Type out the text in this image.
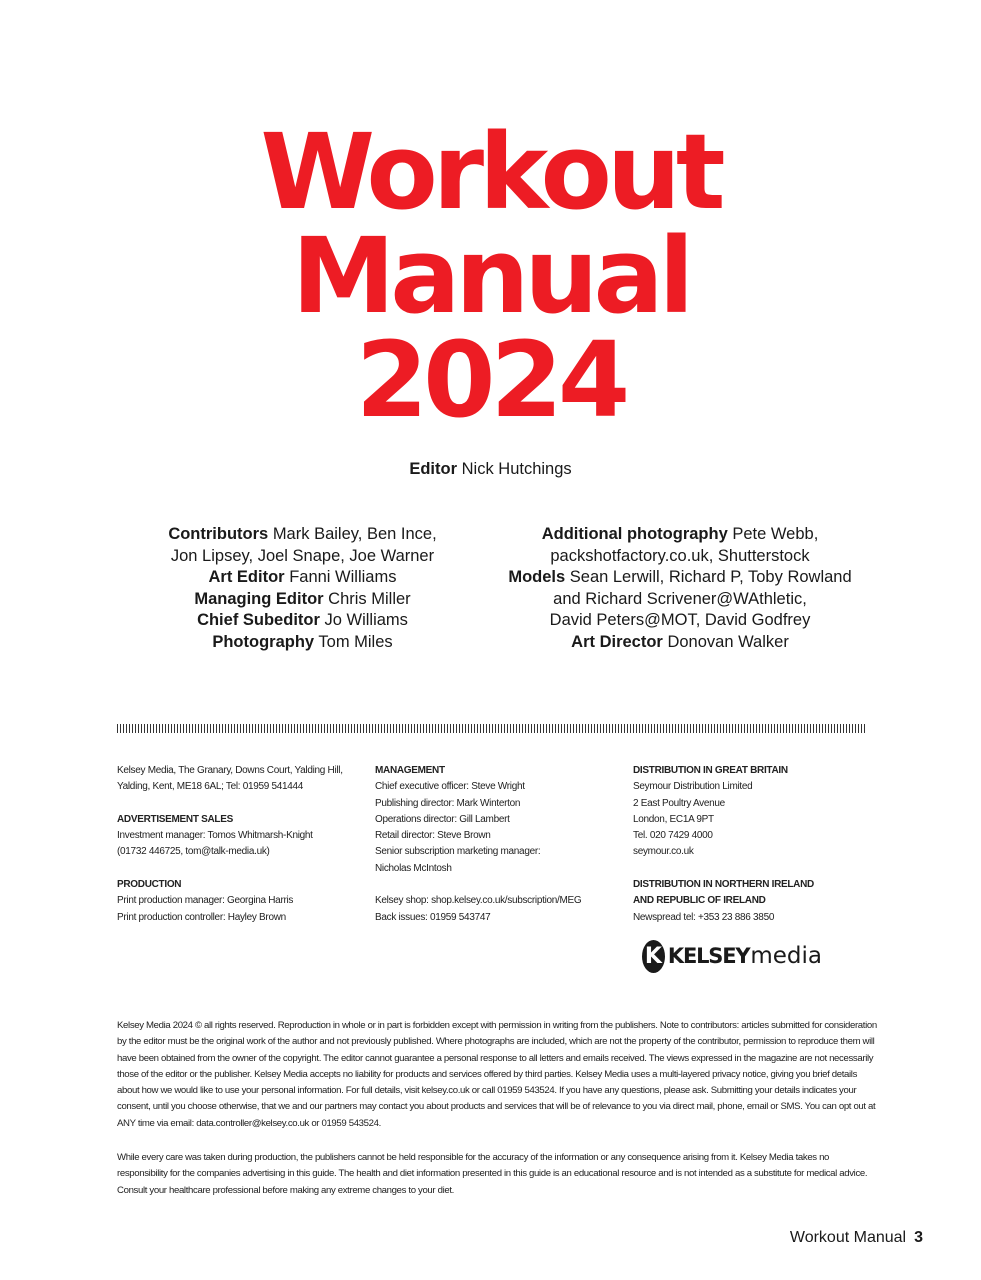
Workout
Manual
2024
Editor Nick Hutchings
Contributors Mark Bailey, Ben Ince,
Jon Lipsey, Joel Snape, Joe Warner
Art Editor Fanni Williams
Managing Editor Chris Miller
Chief Subeditor Jo Williams
Photography Tom Miles
Additional photography Pete Webb,
packshotfactory.co.uk, Shutterstock
Models Sean Lerwill, Richard P, Toby Rowland
and Richard Scrivener@WAthletic,
David Peters@MOT, David Godfrey
Art Director Donovan Walker
Kelsey Media, The Granary, Downs Court, Yalding Hill,
Yalding, Kent, ME18 6AL; Tel: 01959 541444
ADVERTISEMENT SALES
Investment manager: Tomos Whitmarsh-Knight
(01732 446725, tom@talk-media.uk)
PRODUCTION
Print production manager: Georgina Harris
Print production controller: Hayley Brown
MANAGEMENT
Chief executive officer: Steve Wright
Publishing director: Mark Winterton
Operations director: Gill Lambert
Retail director: Steve Brown
Senior subscription marketing manager:
Nicholas McIntosh
Kelsey shop: shop.kelsey.co.uk/subscription/MEG
Back issues: 01959 543747
DISTRIBUTION IN GREAT BRITAIN
Seymour Distribution Limited
2 East Poultry Avenue
London, EC1A 9PT
Tel. 020 7429 4000
seymour.co.uk
DISTRIBUTION IN NORTHERN IRELAND
AND REPUBLIC OF IRELAND
Newspread tel: +353 23 886 3850
K KELSEY media
Kelsey Media 2024 © all rights reserved. Reproduction in whole or in part is forbidden except with permission in writing from the publishers. Note to contributors: articles submitted for consideration by the editor must be the original work of the author and not previously published. Where photographs are included, which are not the property of the contributor, permission to reproduce them will have been obtained from the owner of the copyright. The editor cannot guarantee a personal response to all letters and emails received. The views expressed in the magazine are not necessarily those of the editor or the publisher. Kelsey Media accepts no liability for products and services offered by third parties. Kelsey Media uses a multi-layered privacy notice, giving you brief details about how we would like to use your personal information. For full details, visit kelsey.co.uk or call 01959 543524. If you have any questions, please ask. Submitting your details indicates your consent, until you choose otherwise, that we and our partners may contact you about products and services that will be of relevance to you via direct mail, phone, email or SMS. You can opt out at ANY time via email: data.controller@kelsey.co.uk or 01959 543524.
While every care was taken during production, the publishers cannot be held responsible for the accuracy of the information or any consequence arising from it. Kelsey Media takes no responsibility for the companies advertising in this guide. The health and diet information presented in this guide is an educational resource and is not intended as a substitute for medical advice. Consult your healthcare professional before making any extreme changes to your diet.
Workout Manual 3
